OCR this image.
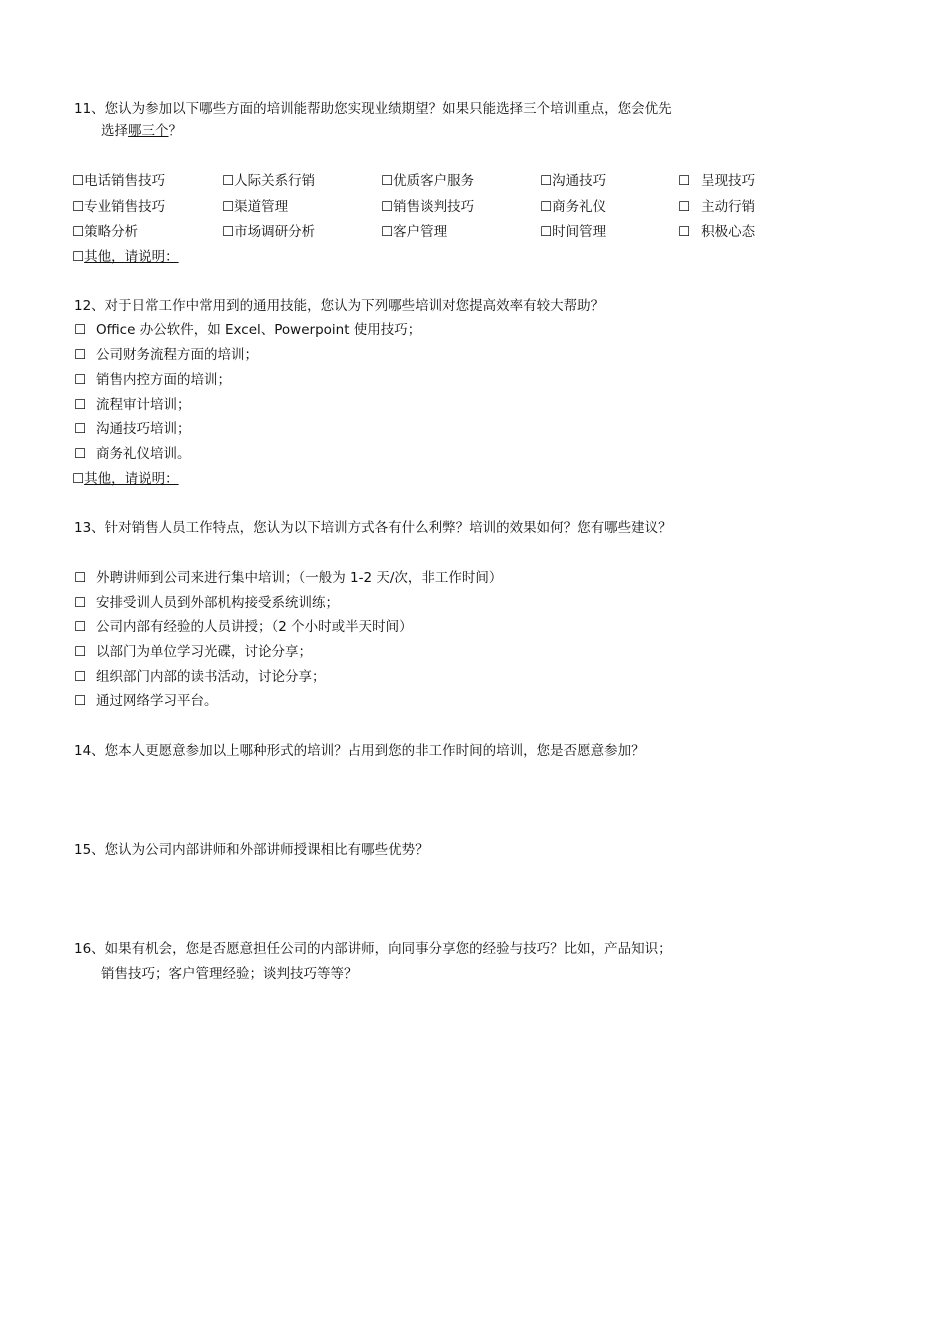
11、您认为参加以下哪些方面的培训能帮助您实现业绩期望？如果只能选择三个培训重点，您会优先
选择哪三个？
☐电话销售技巧	☐人际关系行销	☐优质客户服务	☐沟通技巧	☐ 呈现技巧
☐专业销售技巧	☐渠道管理	☐销售谈判技巧	☐商务礼仪	☐ 主动行销
☐策略分析	☐市场调研分析	☐客户管理	☐时间管理	☐ 积极心态
☐其他，请说明：
12、对于日常工作中常用到的通用技能，您认为下列哪些培训对您提高效率有较大帮助？
☐ Office 办公软件，如 Excel、Powerpoint 使用技巧；
☐ 公司财务流程方面的培训；
☐ 销售内控方面的培训；
☐ 流程审计培训；
☐ 沟通技巧培训；
☐ 商务礼仪培训。
☐其他，请说明：
13、针对销售人员工作特点，您认为以下培训方式各有什么利弊？培训的效果如何？您有哪些建议？
☐ 外聘讲师到公司来进行集中培训；（一般为 1-2 天/次，非工作时间）
☐ 安排受训人员到外部机构接受系统训练；
☐ 公司内部有经验的人员讲授；（2 个小时或半天时间）
☐ 以部门为单位学习光碟，讨论分享；
☐ 组织部门内部的读书活动，讨论分享；
☐ 通过网络学习平台。
14、您本人更愿意参加以上哪种形式的培训？占用到您的非工作时间的培训，您是否愿意参加？
15、您认为公司内部讲师和外部讲师授课相比有哪些优势？
16、如果有机会，您是否愿意担任公司的内部讲师，向同事分享您的经验与技巧？比如，产品知识；
销售技巧；客户管理经验；谈判技巧等等？
